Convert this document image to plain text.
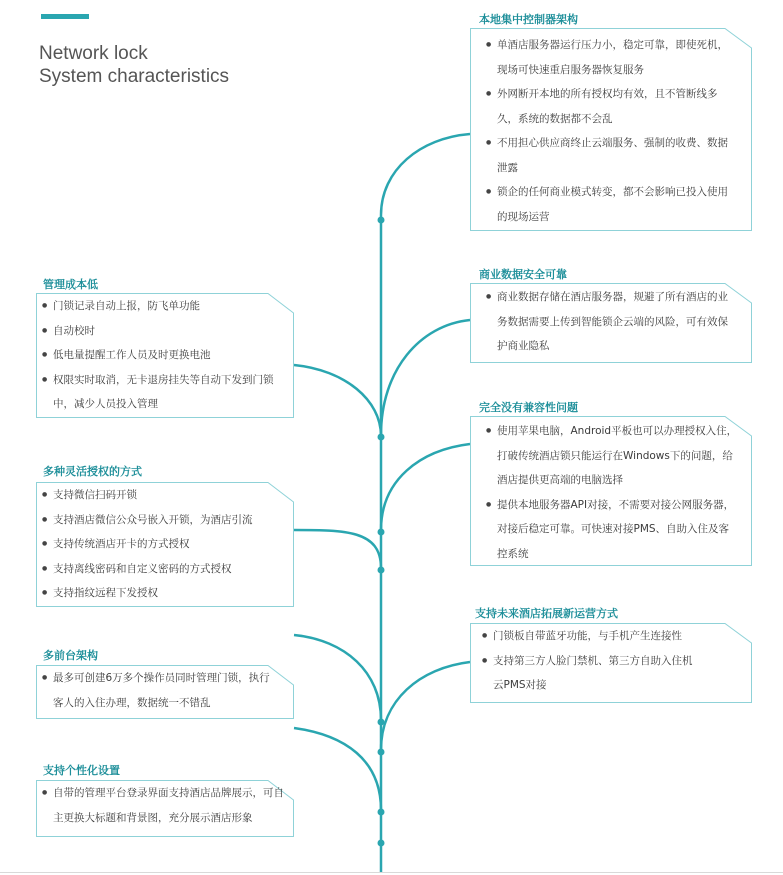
Network lock
System characteristics
本地集中控制器架构
● 单酒店服务器运行压力小，稳定可靠，即使死机，现场可快速重启服务器恢复服务
● 外网断开本地的所有授权均有效，且不管断线多久，系统的数据都不会乱
● 不用担心供应商终止云端服务、强制的收费、数据泄露
● 锁企的任何商业模式转变，都不会影响已投入使用的现场运营
商业数据安全可靠
● 商业数据存储在酒店服务器，规避了所有酒店的业务数据需要上传到智能锁企云端的风险，可有效保护商业隐私
完全没有兼容性问题
● 使用苹果电脑，Android平板也可以办理授权入住，打破传统酒店锁只能运行在Windows下的问题，给酒店提供更高端的电脑选择
● 提供本地服务器API对接，不需要对接公网服务器，对接后稳定可靠。可快速对接PMS、自助入住及客控系统
支持未来酒店拓展新运营方式
● 门锁板自带蓝牙功能，与手机产生连接性
● 支持第三方人脸门禁机、第三方自助入住机云PMS对接
管理成本低
● 门锁记录自动上报，防飞单功能
● 自动校时
● 低电量提醒工作人员及时更换电池
● 权限实时取消，无卡退房挂失等自动下发到门锁中，减少人员投入管理
多种灵活授权的方式
● 支持微信扫码开锁
● 支持酒店微信公众号嵌入开锁，为酒店引流
● 支持传统酒店开卡的方式授权
● 支持离线密码和自定义密码的方式授权
● 支持指纹远程下发授权
多前台架构
● 最多可创建6万多个操作员同时管理门锁，执行客人的入住办理，数据统一不错乱
支持个性化设置
● 自带的管理平台登录界面支持酒店品牌展示，可自主更换大标题和背景图，充分展示酒店形象
